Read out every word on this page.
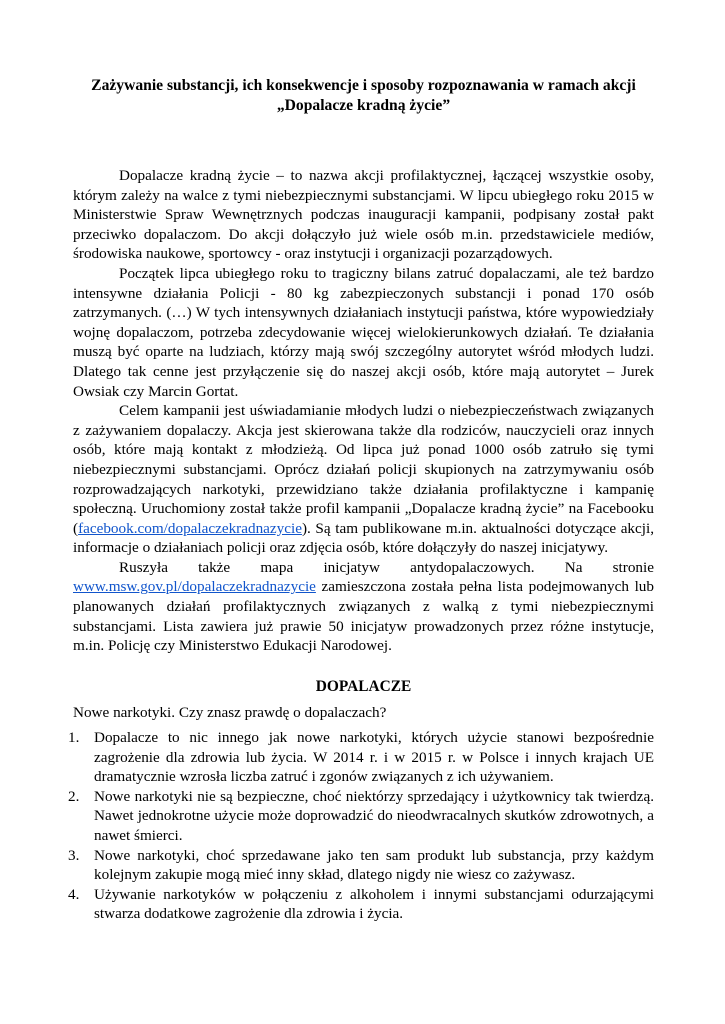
Zażywanie substancji, ich konsekwencje i sposoby rozpoznawania w ramach akcji „Dopalacze kradną życie”

Dopalacze kradną życie – to nazwa akcji profilaktycznej, łączącej wszystkie osoby, którym zależy na walce z tymi niebezpiecznymi substancjami. W lipcu ubiegłego roku 2015 w Ministerstwie Spraw Wewnętrznych podczas inauguracji kampanii, podpisany został pakt przeciwko dopalaczom. Do akcji dołączyło już wiele osób m.in. przedstawiciele mediów, środowiska naukowe, sportowcy - oraz instytucji i organizacji pozarządowych.

Początek lipca ubiegłego roku to tragiczny bilans zatruć dopalaczami, ale też bardzo intensywne działania Policji - 80 kg zabezpieczonych substancji i ponad 170 osób zatrzymanych. (…) W tych intensywnych działaniach instytucji państwa, które wypowiedziały wojnę dopalaczom, potrzeba zdecydowanie więcej wielokierunkowych działań. Te działania muszą być oparte na ludziach, którzy mają swój szczególny autorytet wśród młodych ludzi. Dlatego tak cenne jest przyłączenie się do naszej akcji osób, które mają autorytet – Jurek Owsiak czy Marcin Gortat.

Celem kampanii jest uświadamianie młodych ludzi o niebezpieczeństwach związanych z zażywaniem dopalaczy. Akcja jest skierowana także dla rodziców, nauczycieli oraz innych osób, które mają kontakt z młodzieżą. Od lipca już ponad 1000 osób zatruło się tymi niebezpiecznymi substancjami. Oprócz działań policji skupionych na zatrzymywaniu osób rozprowadzających narkotyki, przewidziano także działania profilaktyczne i kampanię społeczną. Uruchomiony został także profil kampanii „Dopalacze kradną życie” na Facebooku (facebook.com/dopalaczekradnazycie). Są tam publikowane m.in. aktualności dotyczące akcji, informacje o działaniach policji oraz zdjęcia osób, które dołączyły do naszej inicjatywy.

Ruszyła także mapa inicjatyw antydopalaczowych. Na stronie www.msw.gov.pl/dopalaczekradnazycie zamieszczona została pełna lista podejmowanych lub planowanych działań profilaktycznych związanych z walką z tymi niebezpiecznymi substancjami. Lista zawiera już prawie 50 inicjatyw prowadzonych przez różne instytucje, m.in. Policję czy Ministerstwo Edukacji Narodowej.

DOPALACZE
Nowe narkotyki. Czy znasz prawdę o dopalaczach?
1. Dopalacze to nic innego jak nowe narkotyki, których użycie stanowi bezpośrednie zagrożenie dla zdrowia lub życia. W 2014 r. i w 2015 r. w Polsce i innych krajach UE dramatycznie wzrosła liczba zatruć i zgonów związanych z ich używaniem.
2. Nowe narkotyki nie są bezpieczne, choć niektórzy sprzedający i użytkownicy tak twierdzą. Nawet jednokrotne użycie może doprowadzić do nieodwracalnych skutków zdrowotnych, a nawet śmierci.
3. Nowe narkotyki, choć sprzedawane jako ten sam produkt lub substancja, przy każdym kolejnym zakupie mogą mieć inny skład, dlatego nigdy nie wiesz co zażywasz.
4. Używanie narkotyków w połączeniu z alkoholem i innymi substancjami odurzającymi stwarza dodatkowe zagrożenie dla zdrowia i życia.
